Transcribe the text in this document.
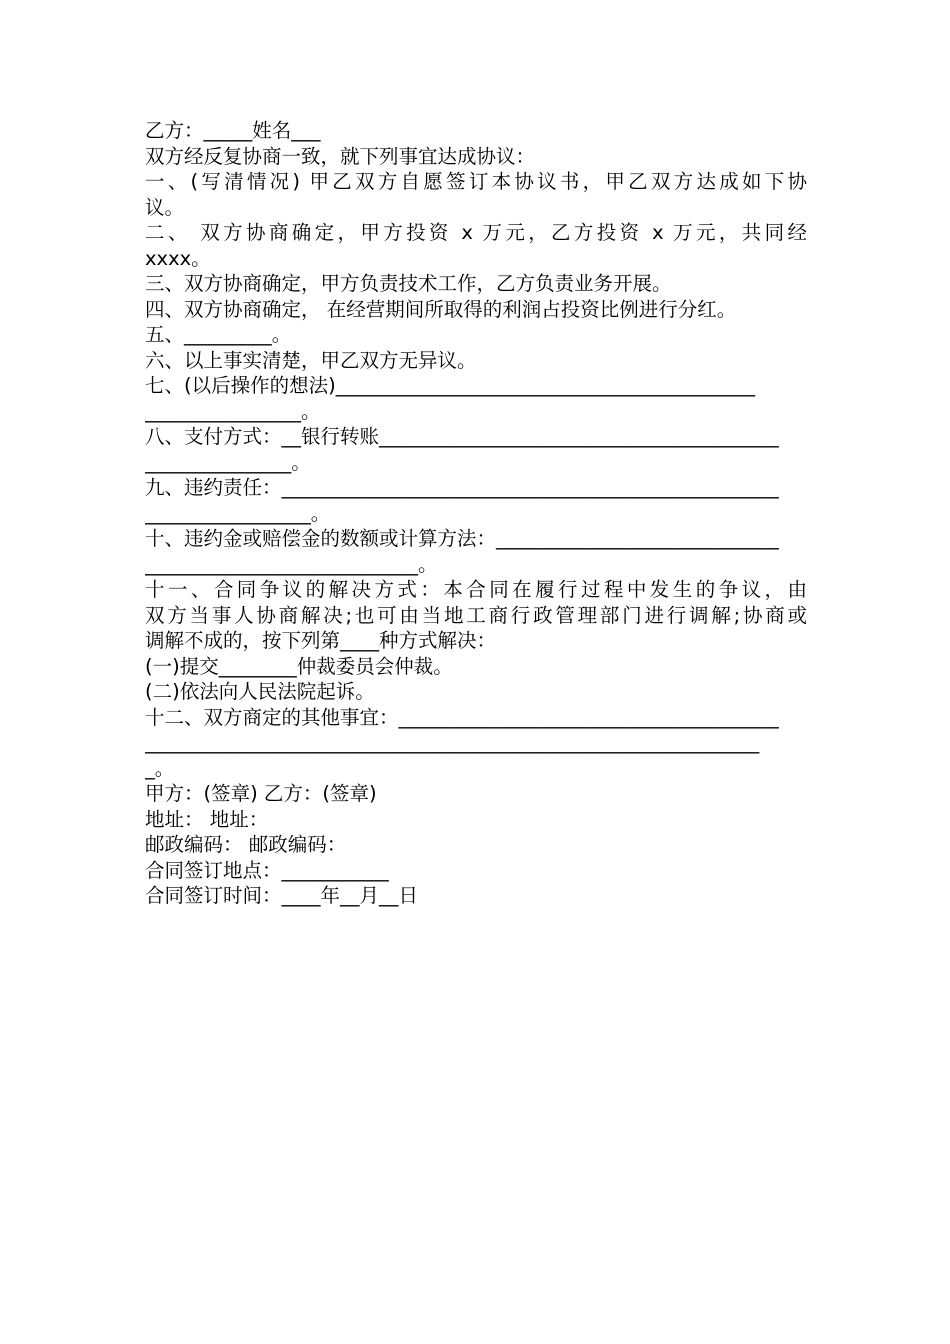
乙方：_____姓名___
双方经反复协商一致，就下列事宜达成协议：
一、(写清情况) 甲乙双方自愿签订本协议书，甲乙双方达成如下协
议。
二、 双方协商确定，甲方投资 x 万元，乙方投资 x 万元，共同经
xxxx。
三、双方协商确定，甲方负责技术工作，乙方负责业务开展。
四、双方协商确定， 在经营期间所取得的利润占投资比例进行分红。
五、_________。
六、以上事实清楚，甲乙双方无异议。
七、(以后操作的想法)___________________________________________
________________。
八、支付方式：__银行转账_________________________________________
_______________。
九、违约责任：___________________________________________________
_________________。
十、违约金或赔偿金的数额或计算方法：_____________________________
____________________________。
十一、合同争议的解决方式：本合同在履行过程中发生的争议，由
双方当事人协商解决;也可由当地工商行政管理部门进行调解;协商或
调解不成的，按下列第____种方式解决：
(一)提交________仲裁委员会仲裁。
(二)依法向人民法院起诉。
十二、双方商定的其他事宜：_______________________________________
_______________________________________________________________
_。
甲方：(签章) 乙方：(签章)
地址： 地址：
邮政编码： 邮政编码：
合同签订地点：___________
合同签订时间：____年__月__日
